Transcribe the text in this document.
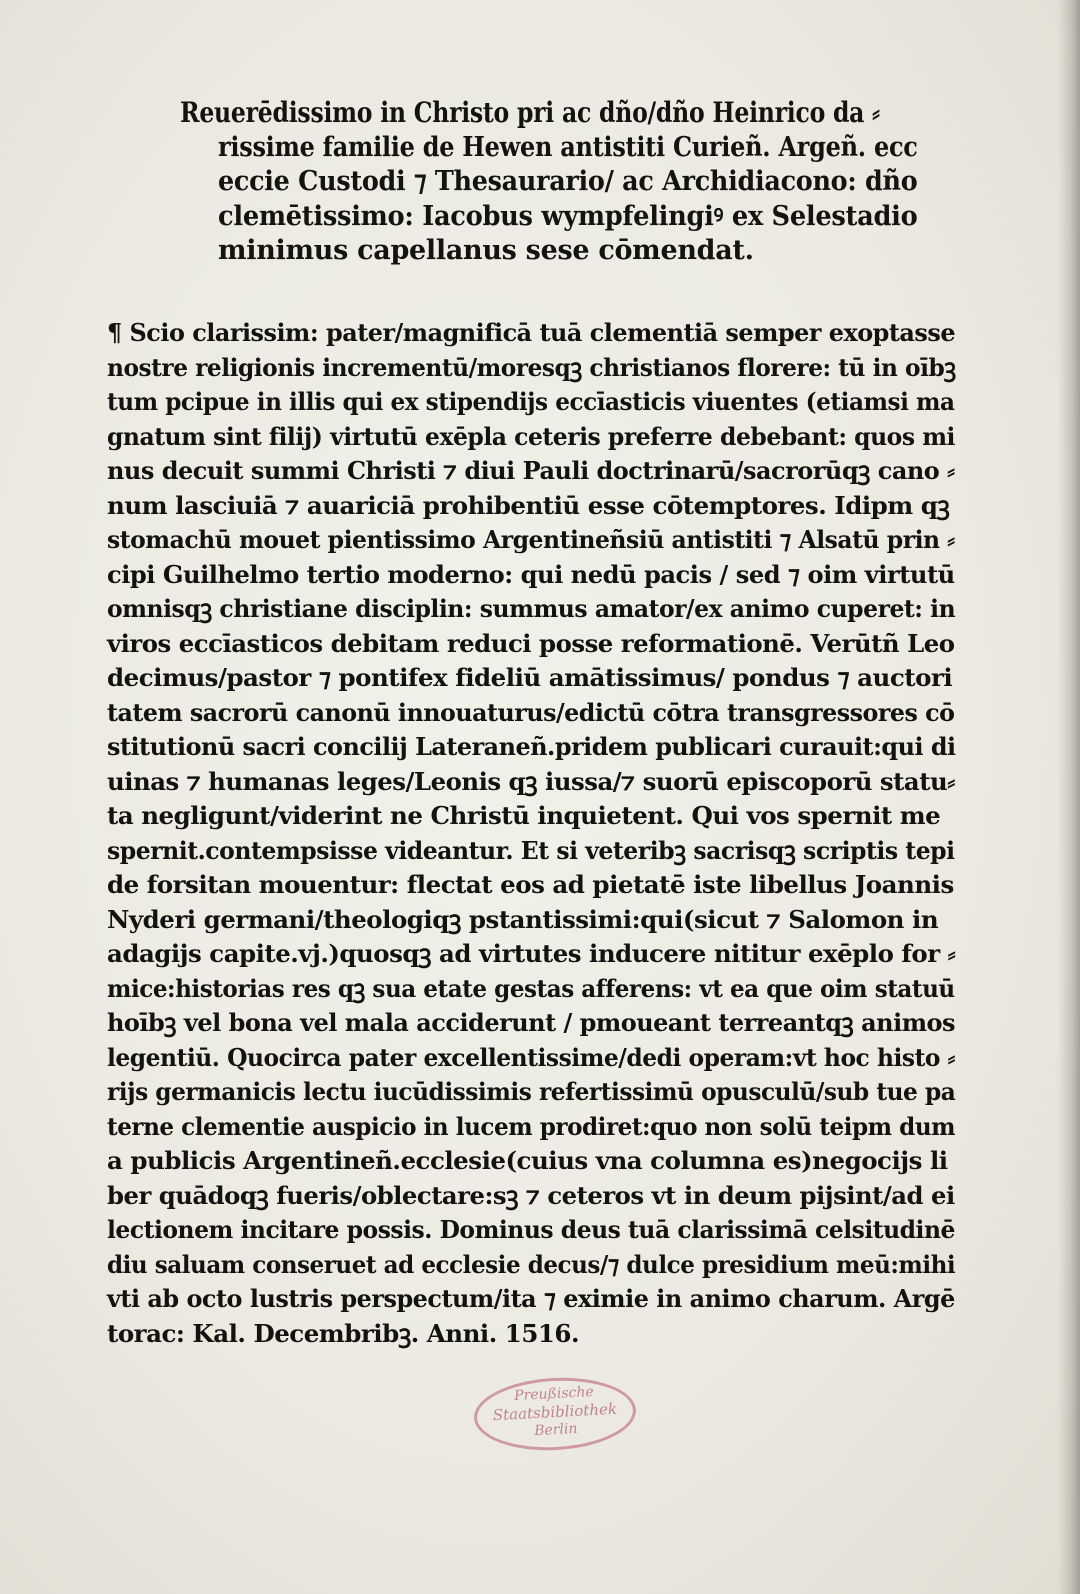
Reuerēdissimo in Christo pri ac dño/dño Heinrico da ⸗
rissime familie de Hewen antistiti Curieñ. Argeñ. ecc
eccie Custodi ⁊ Thesaurario/ ac Archidiacono: dño
clemētissimo: Iacobus wympfelingiꝰ ex Selestadio
minimus capellanus sese cōmendat.
¶ Scio clarissim: pater/magnificā tuā clementiā semper exoptasse
nostre religionis incrementū/moresqꝫ christianos florere: tū in oībꝫ
tum pcipue in illis qui ex stipendijs eccīasticis viuentes (etiamsi ma
gnatum sint filij) virtutū exēpla ceteris preferre debebant: quos mi
nus decuit summi Christi ⁊ diui Pauli doctrinarū/sacrorūqꝫ cano ⸗
num lasciuiā ⁊ auariciā prohibentiū esse cōtemptores. Idipm qꝫ
stomachū mouet pientissimo Argentineñsiū antistiti ⁊ Alsatū prin ⸗
cipi Guilhelmo tertio moderno: qui nedū pacis / sed ⁊ oim virtutū
omnisqꝫ christiane disciplin: summus amator/ex animo cuperet: in
viros eccīasticos debitam reduci posse reformationē. Verūtñ Leo
decimus/pastor ⁊ pontifex fideliū amātissimus/ pondus ⁊ auctori
tatem sacrorū canonū innouaturus/edictū cōtra transgressores cō
stitutionū sacri concilij Lateraneñ.pridem publicari curauit:qui di
uinas ⁊ humanas leges/Leonis qꝫ iussa/⁊ suorū episcoporū statu⸗
ta negligunt/viderint ne Christū inquietent. Qui vos spernit me
spernit.contempsisse videantur. Et si veteribꝫ sacrisqꝫ scriptis tepi
de forsitan mouentur: flectat eos ad pietatē iste libellus Joannis
Nyderi germani/theologiqꝫ pstantissimi:qui(sicut ⁊ Salomon in
adagijs capite.vj.)quosqꝫ ad virtutes inducere nititur exēplo for ⸗
mice:historias res qꝫ sua etate gestas afferens: vt ea que oim statuū
hoībꝫ vel bona vel mala acciderunt / pmoueant terreantqꝫ animos
legentiū. Quocirca pater excellentissime/dedi operam:vt hoc histo ⸗
rijs germanicis lectu iucūdissimis refertissimū opusculū/sub tue pa
terne clementie auspicio in lucem prodiret:quo non solū teipm dum
a publicis Argentineñ.ecclesie(cuius vna columna es)negocijs li
ber quādoqꝫ fueris/oblectare:sꝫ ⁊ ceteros vt in deum pijsint/ad ei
lectionem incitare possis. Dominus deus tuā clarissimā celsitudinē
diu saluam conseruet ad ecclesie decus/⁊ dulce presidium meū:mihi
vti ab octo lustris perspectum/ita ⁊ eximie in animo charum. Argē
torac: Kal. Decembribꝫ. Anni. 1516.
Preußische
Staatsbibliothek
Berlin
